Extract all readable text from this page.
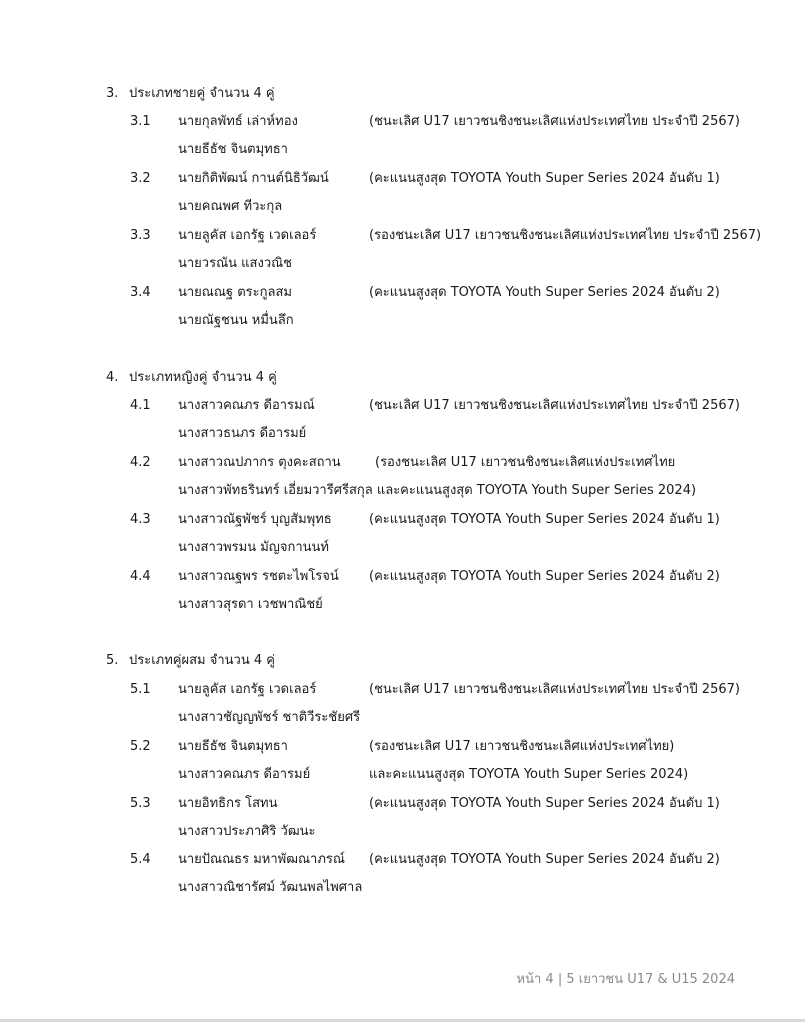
3. ประเภทชายคู่ จำนวน 4 คู่
3.1 นายกุลพัทธ์ เล่าห์ทอง	(ชนะเลิศ U17 เยาวชนชิงชนะเลิศแห่งประเทศไทย ประจำปี 2567)
นายธีธัช จินตมุทธา
3.2 นายกิติพัฒน์ กานต์นิธิวัฒน์	(คะแนนสูงสุด TOYOTA Youth Super Series 2024 อันดับ 1)
นายคณพศ ทีวะกุล
3.3 นายลูคัส เอกรัฐ เวดเลอร์	(รองชนะเลิศ U17 เยาวชนชิงชนะเลิศแห่งประเทศไทย ประจำปี 2567)
นายวรณัน แสงวณิช
3.4 นายณณฐ ตระกูลสม	(คะแนนสูงสุด TOYOTA Youth Super Series 2024 อันดับ 2)
นายณัฐชนน หมื่นลึก
4. ประเภทหญิงคู่ จำนวน 4 คู่
4.1 นางสาวคณภร ดีอารมณ์	(ชนะเลิศ U17 เยาวชนชิงชนะเลิศแห่งประเทศไทย ประจำปี 2567)
นางสาวธนภร ดีอารมย์
4.2 นางสาวณปภากร ตุงคะสถาน	(รองชนะเลิศ U17 เยาวชนชิงชนะเลิศแห่งประเทศไทย
นางสาวพัทธรินทร์ เอี่ยมวารีศรีสกุล และคะแนนสูงสุด TOYOTA Youth Super Series 2024)
4.3 นางสาวณัฐพัชร์ บุญสัมพุทธ	(คะแนนสูงสุด TOYOTA Youth Super Series 2024 อันดับ 1)
นางสาวพรมน มัญจกานนท์
4.4 นางสาวณฐพร รชตะไพโรจน์ (คะแนนสูงสุด TOYOTA Youth Super Series 2024 อันดับ 2)
นางสาวสุรดา เวชพาณิชย์
5. ประเภทคู่ผสม จำนวน 4 คู่
5.1 นายลูคัส เอกรัฐ เวดเลอร์	(ชนะเลิศ U17 เยาวชนชิงชนะเลิศแห่งประเทศไทย ประจำปี 2567)
นางสาวชัญญพัชร์ ชาติวีระชัยศรี
5.2 นายธีธัช จินตมุทธา	(รองชนะเลิศ U17 เยาวชนชิงชนะเลิศแห่งประเทศไทย)
นางสาวคณภร ดีอารมย์	และคะแนนสูงสุด TOYOTA Youth Super Series 2024)
5.3 นายอิทธิกร โสทน	(คะแนนสูงสุด TOYOTA Youth Super Series 2024 อันดับ 1)
นางสาวประภาศิริ วัฒนะ
5.4 นายปัณณธร มหาพัฒณาภรณ์ (คะแนนสูงสุด TOYOTA Youth Super Series 2024 อันดับ 2)
นางสาวณิชารัศม์ วัฒนพลไพศาล
หน้า 4 | 5 เยาวชน U17 & U15 2024
